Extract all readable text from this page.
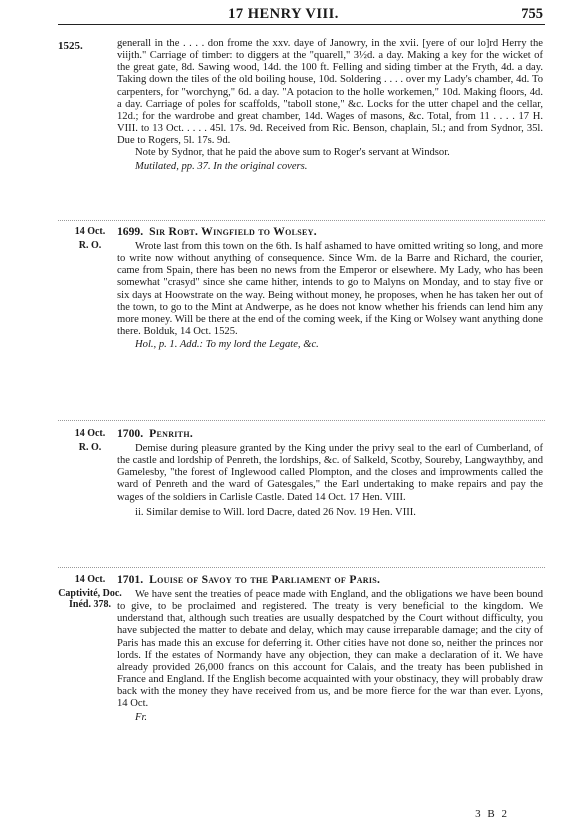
17 HENRY VIII.	755
1525.	generall in the . . . . don frome the xxv. daye of Janowry, in the xvii. [yere of our lo]rd Herry the viijth." Carriage of timber: to diggers at the "quarell," 3½d. a day. Making a key for the wicket of the great gate, 8d. Sawing wood, 14d. the 100 ft. Felling and siding timber at the Fryth, 4d. a day. Taking down the tiles of the old boiling house, 10d. Soldering . . . . over my Lady's chamber, 4d. To carpenters, for "worchyng," 6d. a day. "A potacion to the holle workemen," 10d. Making floors, 4d. a day. Carriage of poles for scaffolds, "taboll stone," &c. Locks for the utter chapel and the cellar, 12d.; for the wardrobe and great chamber, 14d. Wages of masons, &c. Total, from 11 . . . . 17 H. VIII. to 13 Oct. . . . . 45l. 17s. 9d. Received from Ric. Benson, chaplain, 5l.; and from Sydnor, 35l. Due to Rogers, 5l. 17s. 9d.

Note by Sydnor, that he paid the above sum to Roger's servant at Windsor.

Mutilated, pp. 37. In the original covers.

14 Oct.
R. O.
1699. Sir Robt. Wingfield to Wolsey.

Wrote last from this town on the 6th. Is half ashamed to have omitted writing so long, and more to write now without anything of consequence. Since Wm. de la Barre and Richard, the courier, came from Spain, there has been no news from the Emperor or elsewhere. My Lady, who has been somewhat "crasyd" since she came hither, intends to go to Malyns on Monday, and to stay five or six days at Hoowstrate on the way. Being without money, he proposes, when he has taken her out of the town, to go to the Mint at Andwerpe, as he does not know whether his friends can lend him any more money. Will be there at the end of the coming week, if the King or Wolsey want anything done there. Bolduk, 14 Oct. 1525.

Hol., p. 1. Add.: To my lord the Legate, &c.

14 Oct.
R. O.
1700. Penrith.

Demise during pleasure granted by the King under the privy seal to the earl of Cumberland, of the castle and lordship of Penreth, the lordships, &c. of Salkeld, Scotby, Soureby, Langwaythby, and Gamelesby, "the forest of Inglewood called Plompton, and the closes and improwments called the ward of Penreth and the ward of Gatesgales," the Earl undertaking to make repairs and pay the wages of the soldiers in Carlisle Castle. Dated 14 Oct. 17 Hen. VIII.

ii. Similar demise to Will. lord Dacre, dated 26 Nov. 19 Hen. VIII.

14 Oct.
Captivité, Doc. Inéd. 378.
1701. Louise of Savoy to the Parliament of Paris.

We have sent the treaties of peace made with England, and the obligations we have been bound to give, to be proclaimed and registered. The treaty is very beneficial to the kingdom. We understand that, although such treaties are usually despatched by the Court without difficulty, you have subjected the matter to debate and delay, which may cause irreparable damage; and the city of Paris has made this an excuse for deferring it. Other cities have not done so, neither the princes nor lords. If the estates of Normandy have any objection, they can make a declaration of it. We have already provided 26,000 francs on this account for Calais, and the treaty has been published in France and England. If the English become acquainted with your obstinacy, they will probably draw back with the money they have received from us, and be more fierce for the war than ever. Lyons, 14 Oct.

Fr.

3 B 2
